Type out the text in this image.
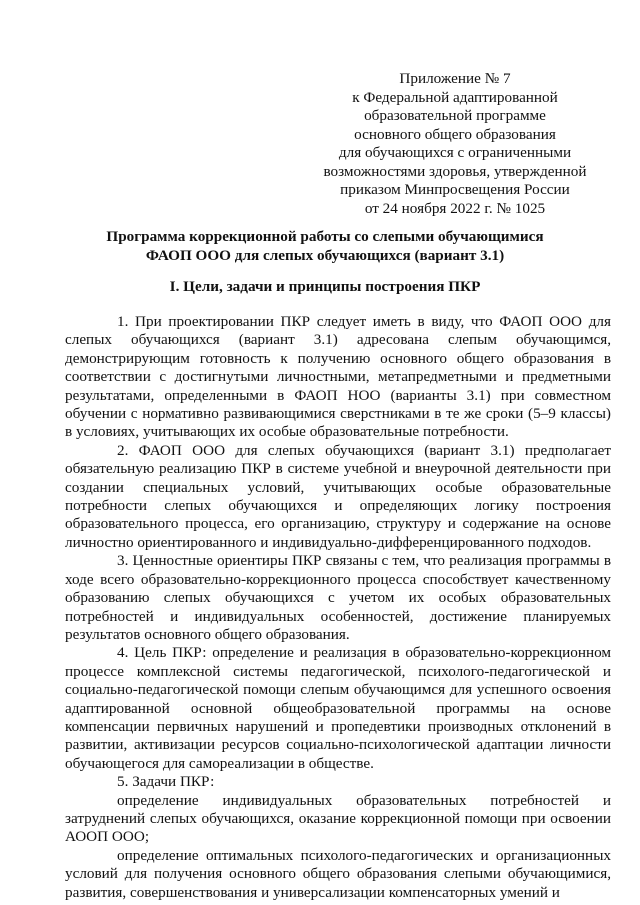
Приложение № 7
к Федеральной адаптированной
образовательной программе
основного общего образования
для обучающихся с ограниченными
возможностями здоровья, утвержденной
приказом Минпросвещения России
от 24 ноября 2022 г. № 1025
Программа коррекционной работы со слепыми обучающимися
ФАОП ООО для слепых обучающихся (вариант 3.1)
I. Цели, задачи и принципы построения ПКР

1. При проектировании ПКР следует иметь в виду, что ФАОП ООО для слепых обучающихся (вариант 3.1) адресована слепым обучающимся, демонстрирующим готовность к получению основного общего образования в соответствии с достигнутыми личностными, метапредметными и предметными результатами, определенными в ФАОП НОО (варианты 3.1) при совместном обучении с нормативно развивающимися сверстниками в те же сроки (5–9 классы) в условиях, учитывающих их особые образовательные потребности.

2. ФАОП ООО для слепых обучающихся (вариант 3.1) предполагает обязательную реализацию ПКР в системе учебной и внеурочной деятельности при создании специальных условий, учитывающих особые образовательные потребности слепых обучающихся и определяющих логику построения образовательного процесса, его организацию, структуру и содержание на основе личностно ориентированного и индивидуально-дифференцированного подходов.

3. Ценностные ориентиры ПКР связаны с тем, что реализация программы в ходе всего образовательно-коррекционного процесса способствует качественному образованию слепых обучающихся с учетом их особых образовательных потребностей и индивидуальных особенностей, достижение планируемых результатов основного общего образования.

4. Цель ПКР: определение и реализация в образовательно-коррекционном процессе комплексной системы педагогической, психолого-педагогической и социально-педагогической помощи слепым обучающимся для успешного освоения адаптированной основной общеобразовательной программы на основе компенсации первичных нарушений и пропедевтики производных отклонений в развитии, активизации ресурсов социально-психологической адаптации личности обучающегося для самореализации в обществе.

5. Задачи ПКР:

определение индивидуальных образовательных потребностей и затруднений слепых обучающихся, оказание коррекционной помощи при освоении АООП ООО;

определение оптимальных психолого-педагогических и организационных условий для получения основного общего образования слепыми обучающимися, развития, совершенствования и универсализации компенсаторных умений и
